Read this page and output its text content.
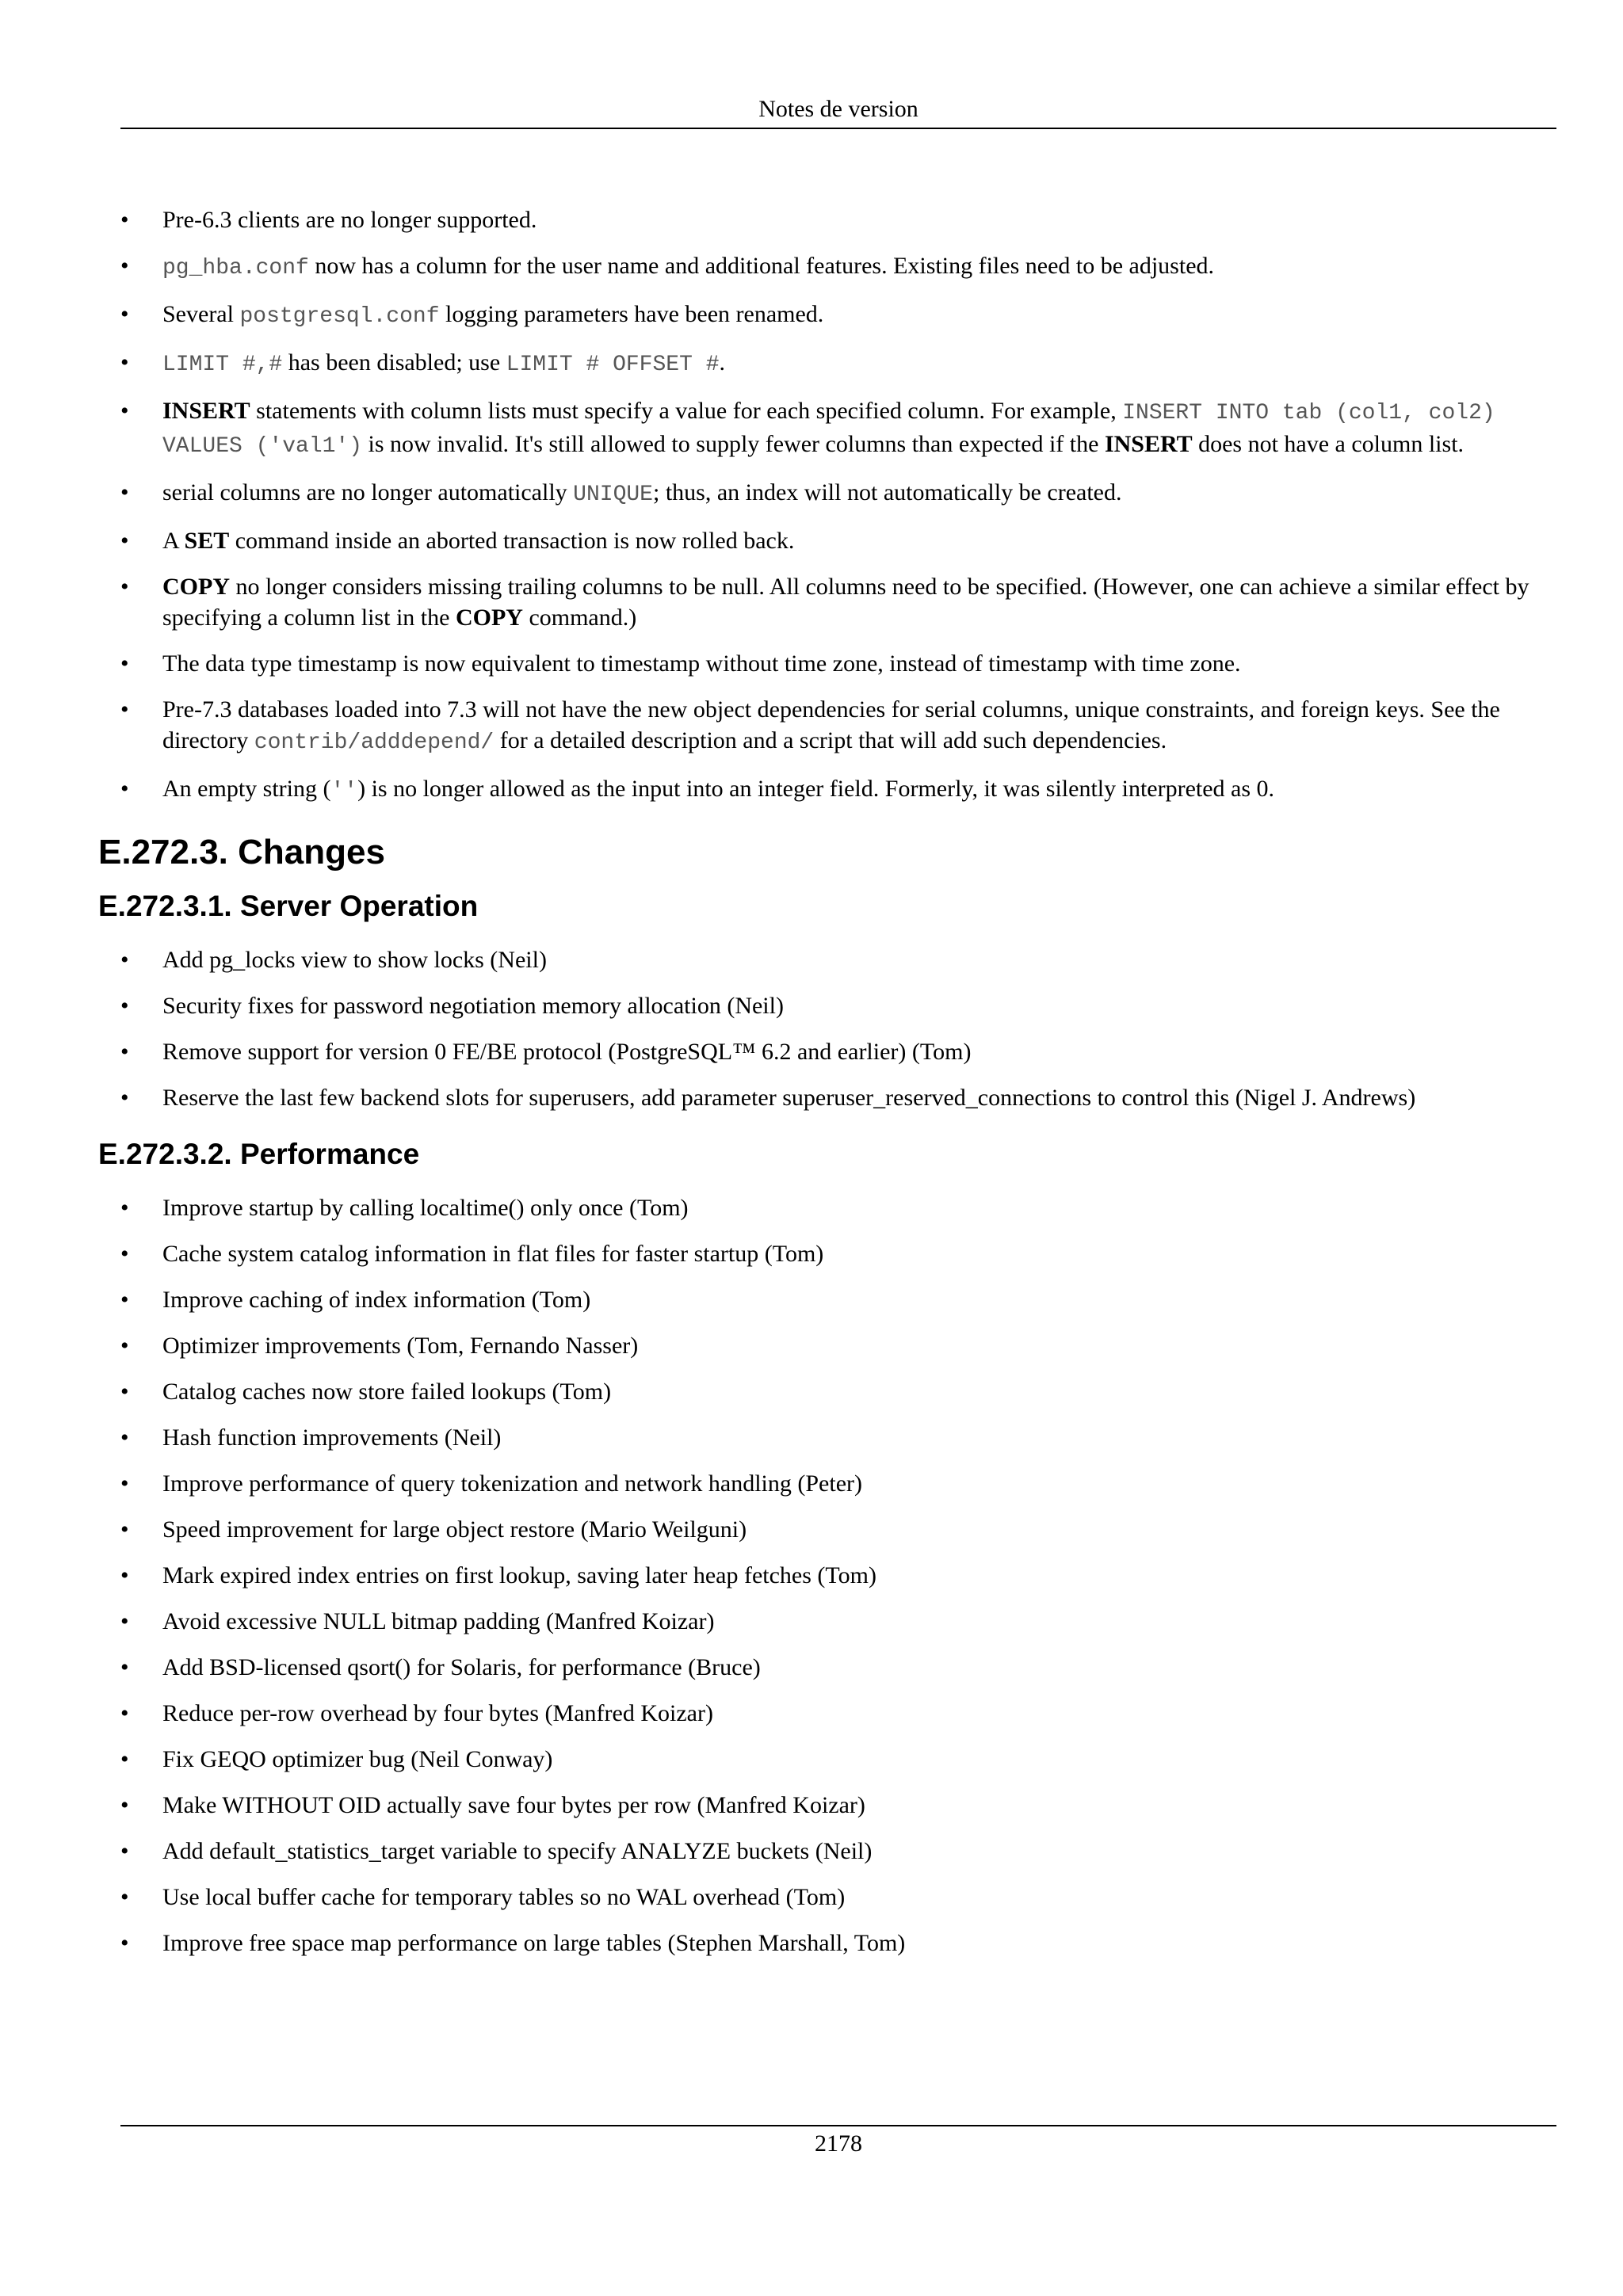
Notes de version
• Pre-6.3 clients are no longer supported.
• pg_hba.conf now has a column for the user name and additional features. Existing files need to be adjusted.
• Several postgresql.conf logging parameters have been renamed.
• LIMIT #,# has been disabled; use LIMIT # OFFSET #.
• INSERT statements with column lists must specify a value for each specified column. For example, INSERT INTO tab (col1, col2) VALUES ('val1') is now invalid. It's still allowed to supply fewer columns than expected if the INSERT does not have a column list.
• serial columns are no longer automatically UNIQUE; thus, an index will not automatically be created.
• A SET command inside an aborted transaction is now rolled back.
• COPY no longer considers missing trailing columns to be null. All columns need to be specified. (However, one can achieve a similar effect by specifying a column list in the COPY command.)
• The data type timestamp is now equivalent to timestamp without time zone, instead of timestamp with time zone.
• Pre-7.3 databases loaded into 7.3 will not have the new object dependencies for serial columns, unique constraints, and foreign keys. See the directory contrib/adddepend/ for a detailed description and a script that will add such dependencies.
• An empty string ('') is no longer allowed as the input into an integer field. Formerly, it was silently interpreted as 0.
E.272.3. Changes
E.272.3.1. Server Operation
• Add pg_locks view to show locks (Neil)
• Security fixes for password negotiation memory allocation (Neil)
• Remove support for version 0 FE/BE protocol (PostgreSQL™ 6.2 and earlier) (Tom)
• Reserve the last few backend slots for superusers, add parameter superuser_reserved_connections to control this (Nigel J. Andrews)
E.272.3.2. Performance
• Improve startup by calling localtime() only once (Tom)
• Cache system catalog information in flat files for faster startup (Tom)
• Improve caching of index information (Tom)
• Optimizer improvements (Tom, Fernando Nasser)
• Catalog caches now store failed lookups (Tom)
• Hash function improvements (Neil)
• Improve performance of query tokenization and network handling (Peter)
• Speed improvement for large object restore (Mario Weilguni)
• Mark expired index entries on first lookup, saving later heap fetches (Tom)
• Avoid excessive NULL bitmap padding (Manfred Koizar)
• Add BSD-licensed qsort() for Solaris, for performance (Bruce)
• Reduce per-row overhead by four bytes (Manfred Koizar)
• Fix GEQO optimizer bug (Neil Conway)
• Make WITHOUT OID actually save four bytes per row (Manfred Koizar)
• Add default_statistics_target variable to specify ANALYZE buckets (Neil)
• Use local buffer cache for temporary tables so no WAL overhead (Tom)
• Improve free space map performance on large tables (Stephen Marshall, Tom)
2178
